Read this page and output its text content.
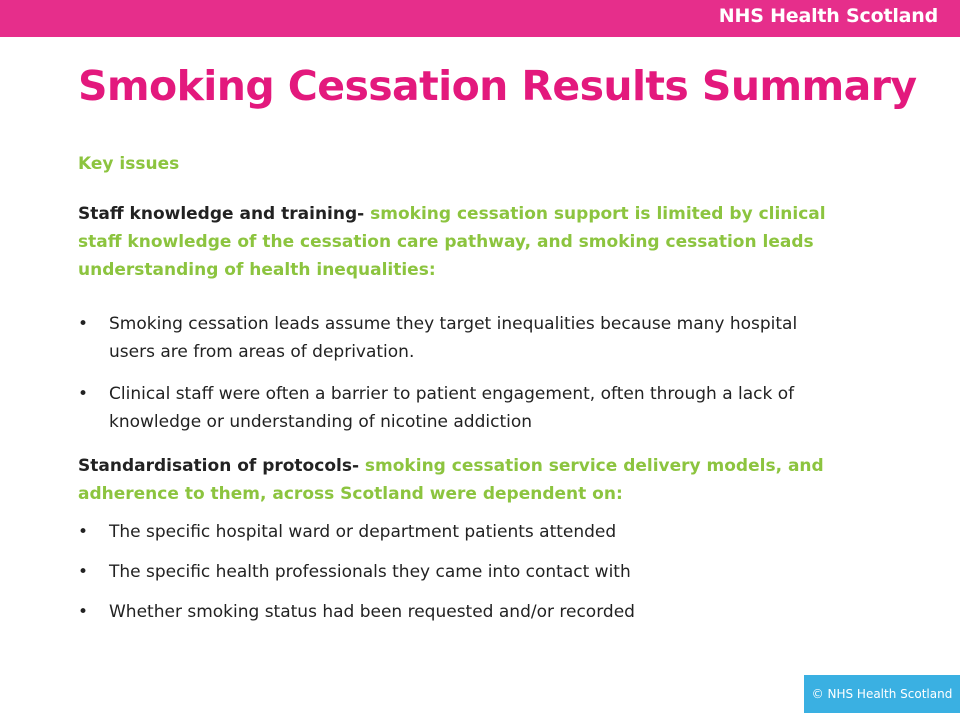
NHS Health Scotland
Smoking Cessation Results Summary

Key issues

Staff knowledge and training- smoking cessation support is limited by clinical staff knowledge of the cessation care pathway, and smoking cessation leads understanding of health inequalities:

• Smoking cessation leads assume they target inequalities because many hospital users are from areas of deprivation.
• Clinical staff were often a barrier to patient engagement, often through a lack of knowledge or understanding of nicotine addiction

Standardisation of protocols- smoking cessation service delivery models, and adherence to them, across Scotland were dependent on:

• The specific hospital ward or department patients attended
• The specific health professionals they came into contact with
• Whether smoking status had been requested and/or recorded
© NHS Health Scotland
